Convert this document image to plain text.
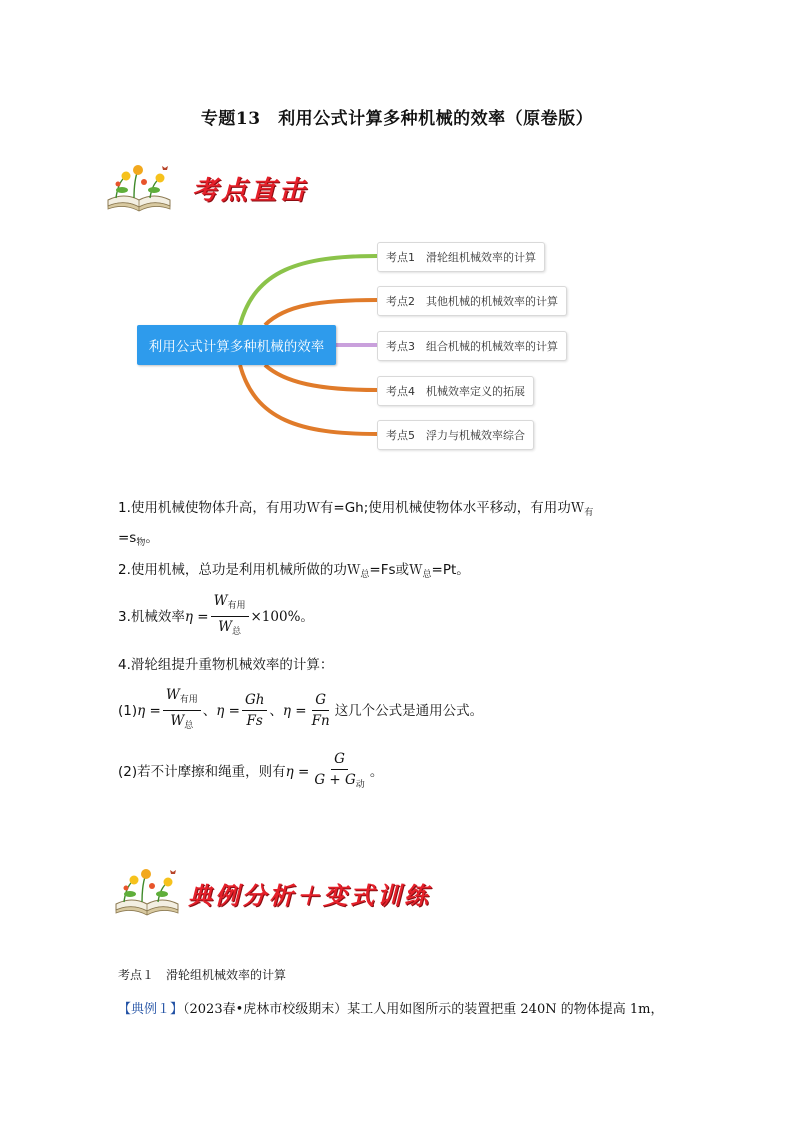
专题13　利用公式计算多种机械的效率（原卷版）
考点直击
利用公式计算多种机械的效率
考点1　滑轮组机械效率的计算
考点2　其他机械的机械效率的计算
考点3　组合机械的机械效率的计算
考点4　机械效率定义的拓展
考点5　浮力与机械效率综合
1.使用机械使物体升高，有用功Ｗ有=Gh;使用机械使物体水平移动，有用功Ｗ$_有$
$=s_物$。
2.使用机械，总功是利用机械所做的功Ｗ$_总$=Fs或Ｗ$_总$=Pt。
3.机械效率 η
= $\frac{W_{有用}}{W_总} \times 100\%$ 。
4.滑轮组提升重物机械效率的计算：
(1) $\eta = \frac{W_{有用}}{W_总}$ 、 $\eta = \frac{Gh}{Fs}$ 、 $\eta = \frac{G}{Fn}$ 这几个公式是通用公式。
(2)若不计摩擦和绳重，则有 $\eta = \frac{G}{G + G_动}$ 。
典例分析＋变式训练
考点１　滑轮组机械效率的计算
【典例１】（2023春•虎林市校级期末）某工人用如图所示的装置把重 240N 的物体提高 1m，
